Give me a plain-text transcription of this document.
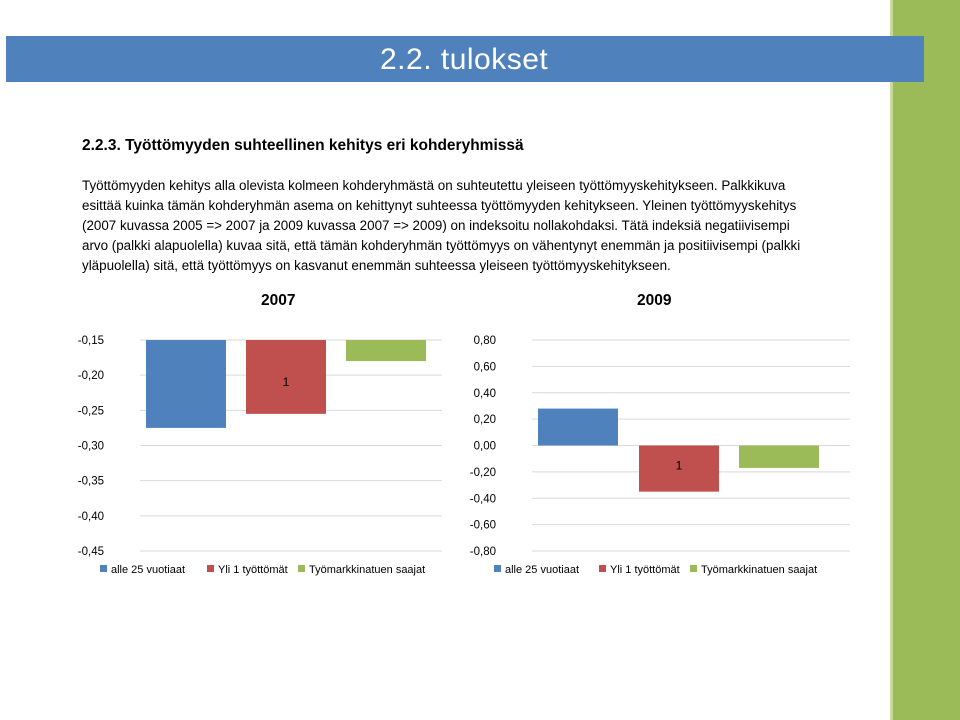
2.2. tulokset
2.2.3. Työttömyyden suhteellinen kehitys eri kohderyhmissä

Työttömyyden kehitys alla olevista kolmeen kohderyhmästä on suhteutettu yleiseen työttömyyskehitykseen. Palkkikuva esittää kuinka tämän kohderyhmän asema on kehittynyt suhteessa työttömyyden kehitykseen. Yleinen työttömyyskehitys (2007 kuvassa 2005 => 2007 ja 2009 kuvassa 2007 => 2009) on indeksoitu nollakohdaksi. Tätä indeksiä negatiivisempi arvo (palkki alapuolella) kuvaa sitä, että tämän kohderyhmän työttömyys on vähentynyt enemmän ja positiivisempi (palkki yläpuolella) sitä, että työttömyys on kasvanut enemmän suhteessa yleiseen työttömyyskehitykseen.

2007	2009
-0,15
-0,20
-0,25
-0,30
-0,35
-0,40
-0,45
1
alle 25 vuotiaat	Yli 1 työttömät Työmarkkinatuen saajat
0,80
0,60
0,40
0,20
0,00
-0,20
-0,40
-0,60
-0,80
1
alle 25 vuotiaat	Yli 1 työttömät Työmarkkinatuen saajat
